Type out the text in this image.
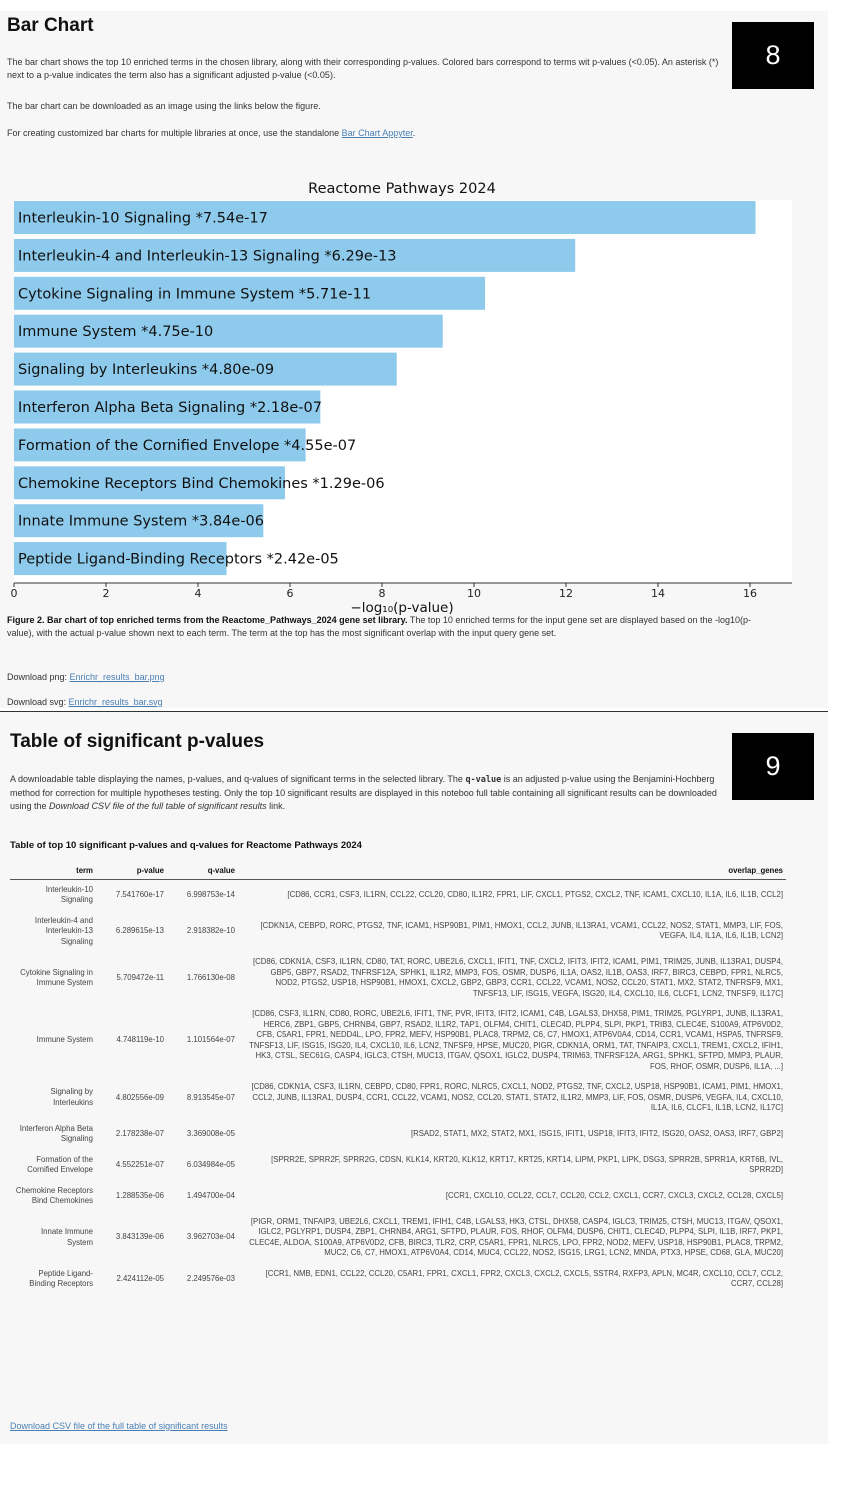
Bar Chart
8
The bar chart shows the top 10 enriched terms in the chosen library, along with their corresponding p-values. Colored bars correspond to terms wit p-values (<0.05). An asterisk (*) next to a p-value indicates the term also has a significant adjusted p-value (<0.05).
The bar chart can be downloaded as an image using the links below the figure.
For creating customized bar charts for multiple libraries at once, use the standalone Bar Chart Appyter.
Reactome Pathways 2024
Interleukin-10 Signaling *7.54e-17
Interleukin-4 and Interleukin-13 Signaling *6.29e-13
Cytokine Signaling in Immune System *5.71e-11
Immune System *4.75e-10
Signaling by Interleukins *4.80e-09
Interferon Alpha Beta Signaling *2.18e-07
Formation of the Cornified Envelope *4.55e-07
Chemokine Receptors Bind Chemokines *1.29e-06
Innate Immune System *3.84e-06
Peptide Ligand-Binding Receptors *2.42e-05
0	2	4	6	8	10	12	14	16
−log₁₀(p-value)
Figure 2. Bar chart of top enriched terms from the Reactome_Pathways_2024 gene set library. The top 10 enriched terms for the input gene set are displayed based on the -log10(p-value), with the actual p-value shown next to each term. The term at the top has the most significant overlap with the input query gene set.
Download png: Enrichr_results_bar.png
Download svg: Enrichr_results_bar.svg
Table of significant p-values
9
A downloadable table displaying the names, p-values, and q-values of significant terms in the selected library. The q-value is an adjusted p-value using the Benjamini-Hochberg method for correction for multiple hypotheses testing. Only the top 10 significant results are displayed in this noteboo full table containing all significant results can be downloaded using the Download CSV file of the full table of significant results link.
Table of top 10 significant p-values and q-values for Reactome Pathways 2024
term	p-value	q-value	overlap_genes
Interleukin-10 Signaling	7.541760e-17	6.998753e-14	[CD86, CCR1, CSF3, IL1RN, CCL22, CCL20, CD80, IL1R2, FPR1, LIF, CXCL1, PTGS2, CXCL2, TNF, ICAM1, CXCL10, IL1A, IL6, IL1B, CCL2]
Interleukin-4 and Interleukin-13 Signaling	6.289615e-13	2.918382e-10	[CDKN1A, CEBPD, RORC, PTGS2, TNF, ICAM1, HSP90B1, PIM1, HMOX1, CCL2, JUNB, IL13RA1, VCAM1, CCL22, NOS2, STAT1, MMP3, LIF, FOS, VEGFA, IL4, IL1A, IL6, IL1B, LCN2]
Cytokine Signaling in Immune System	5.709472e-11	1.766130e-08	[CD86, CDKN1A, CSF3, IL1RN, CD80, TAT, RORC, UBE2L6, CXCL1, IFIT1, TNF, CXCL2, IFIT3, IFIT2, ICAM1, PIM1, TRIM25, JUNB, IL13RA1, DUSP4, GBP5, GBP7, RSAD2, TNFRSF12A, SPHK1, IL1R2, MMP3, FOS, OSMR, DUSP6, IL1A, OAS2, IL1B, OAS3, IRF7, BIRC3, CEBPD, FPR1, NLRC5, NOD2, PTGS2, USP18, HSP90B1, HMOX1, CXCL2, GBP2, GBP3, CCR1, CCL22, VCAM1, NOS2, CCL20, STAT1, MX2, STAT2, TNFRSF9, MX1, TNFSF13, LIF, ISG15, VEGFA, ISG20, IL4, CXCL10, IL6, CLCF1, LCN2, TNFSF9, IL17C]
Immune System	4.748119e-10	1.101564e-07	[CD86, CSF3, IL1RN, CD80, RORC, UBE2L6, IFIT1, TNF, PVR, IFIT3, IFIT2, ICAM1, C4B, LGALS3, DHX58, PIM1, TRIM25, PGLYRP1, JUNB, IL13RA1, HERC6, ZBP1, GBP5, CHRNB4, GBP7, RSAD2, IL1R2, TAP1, OLFM4, CHIT1, CLEC4D, PLPP4, SLPI, PKP1, TRIB3, CLEC4E, S100A9, ATP6V0D2, CFB, C5AR1, FPR1, NEDD4L, LPO, FPR2, MEFV, HSP90B1, PLAC8, TRPM2, C6, C7, HMOX1, ATP6V0A4, CD14, CCR1, VCAM1, HSPA5, TNFRSF9, TNFSF13, LIF, ISG15, ISG20, IL4, CXCL10, IL6, LCN2, TNFSF9, HPSE, MUC20, PIGR, CDKN1A, ORM1, TAT, TNFAIP3, CXCL1, TREM1, CXCL2, IFIH1, HK3, CTSL, SEC61G, CASP4, IGLC3, CTSH, MUC13, ITGAV, QSOX1, IGLC2, DUSP4, TRIM63, TNFRSF12A, ARG1, SPHK1, SFTPD, MMP3, PLAUR, FOS, RHOF, OSMR, DUSP6, IL1A, ...]
Signaling by Interleukins	4.802556e-09	8.913545e-07	[CD86, CDKN1A, CSF3, IL1RN, CEBPD, CD80, FPR1, RORC, NLRC5, CXCL1, NOD2, PTGS2, TNF, CXCL2, USP18, HSP90B1, ICAM1, PIM1, HMOX1, CCL2, JUNB, IL13RA1, DUSP4, CCR1, CCL22, VCAM1, NOS2, CCL20, STAT1, STAT2, IL1R2, MMP3, LIF, FOS, OSMR, DUSP6, VEGFA, IL4, CXCL10, IL1A, IL6, CLCF1, IL1B, LCN2, IL17C]
Interferon Alpha Beta Signaling	2.178238e-07	3.369008e-05	[RSAD2, STAT1, MX2, STAT2, MX1, ISG15, IFIT1, USP18, IFIT3, IFIT2, ISG20, OAS2, OAS3, IRF7, GBP2]
Formation of the Cornified Envelope	4.552251e-07	6.034984e-05	[SPRR2E, SPRR2F, SPRR2G, CDSN, KLK14, KRT20, KLK12, KRT17, KRT25, KRT14, LIPM, PKP1, LIPK, DSG3, SPRR2B, SPRR1A, KRT6B, IVL, SPRR2D]
Chemokine Receptors Bind Chemokines	1.288535e-06	1.494700e-04	[CCR1, CXCL10, CCL22, CCL7, CCL20, CCL2, CXCL1, CCR7, CXCL3, CXCL2, CCL28, CXCL5]
Innate Immune System	3.843139e-06	3.962703e-04	[PIGR, ORM1, TNFAIP3, UBE2L6, CXCL1, TREM1, IFIH1, C4B, LGALS3, HK3, CTSL, DHX58, CASP4, IGLC3, TRIM25, CTSH, MUC13, ITGAV, QSOX1, IGLC2, PGLYRP1, DUSP4, ZBP1, CHRNB4, ARG1, SFTPD, PLAUR, FOS, RHOF, OLFM4, DUSP6, CHIT1, CLEC4D, PLPP4, SLPI, IL1B, IRF7, PKP1, CLEC4E, ALDOA, S100A9, ATP6V0D2, CFB, BIRC3, TLR2, CRP, C5AR1, FPR1, NLRC5, LPO, FPR2, NOD2, MEFV, USP18, HSP90B1, PLAC8, TRPM2, MUC2, C6, C7, HMOX1, ATP6V0A4, CD14, MUC4, CCL22, NOS2, ISG15, LRG1, LCN2, MNDA, PTX3, HPSE, CD68, GLA, MUC20]
Peptide Ligand-Binding Receptors	2.424112e-05	2.249576e-03	[CCR1, NMB, EDN1, CCL22, CCL20, C5AR1, FPR1, CXCL1, FPR2, CXCL3, CXCL2, CXCL5, SSTR4, RXFP3, APLN, MC4R, CXCL10, CCL7, CCL2, CCR7, CCL28]
Download CSV file of the full table of significant results
